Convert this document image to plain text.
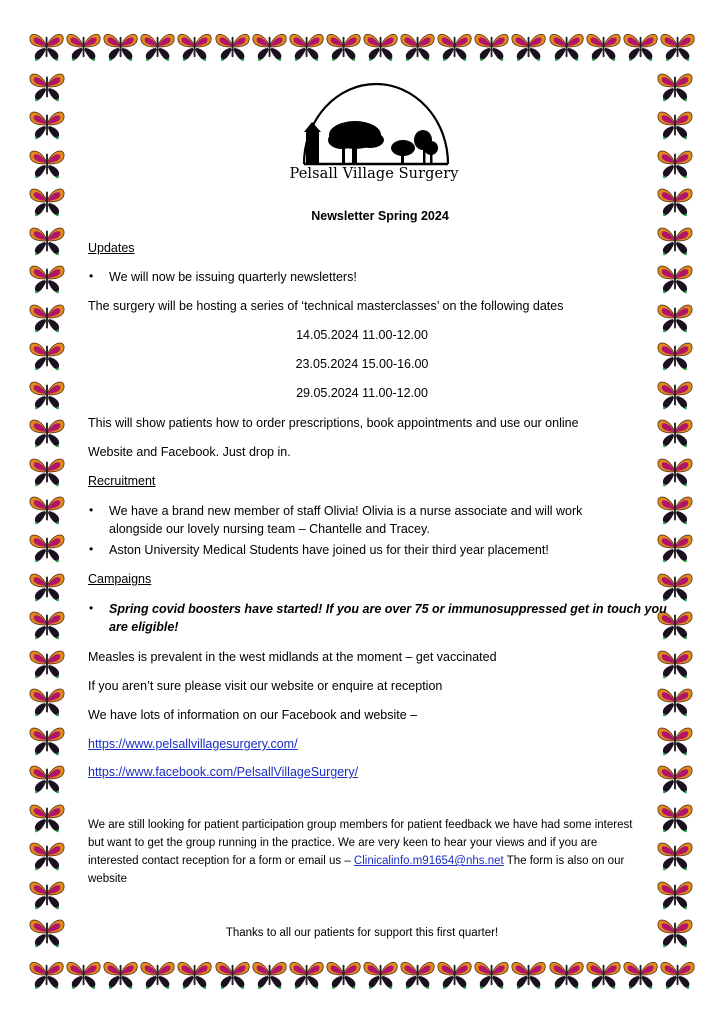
Pelsall Village Surgery
Newsletter Spring 2024
Updates
• We will now be issuing quarterly newsletters!
The surgery will be hosting a series of ‘technical masterclasses’ on the following dates
14.05.2024 11.00-12.00
23.05.2024 15.00-16.00
29.05.2024 11.00-12.00
This will show patients how to order prescriptions, book appointments and use our online
Website and Facebook. Just drop in.
Recruitment
• We have a brand new member of staff Olivia! Olivia is a nurse associate and will work
alongside our lovely nursing team – Chantelle and Tracey.
• Aston University Medical Students have joined us for their third year placement!
Campaigns
• Spring covid boosters have started! If you are over 75 or immunosuppressed get in touch you
are eligible!
Measles is prevalent in the west midlands at the moment – get vaccinated
If you aren’t sure please visit our website or enquire at reception
We have lots of information on our Facebook and website –
https://www.pelsallvillagesurgery.com/
https://www.facebook.com/PelsallVillageSurgery/
We are still looking for patient participation group members for patient feedback we have had some interest
but want to get the group running in the practice. We are very keen to hear your views and if you are
interested contact reception for a form or email us – Clinicalinfo.m91654@nhs.net The form is also on our
website
Thanks to all our patients for support this first quarter!
